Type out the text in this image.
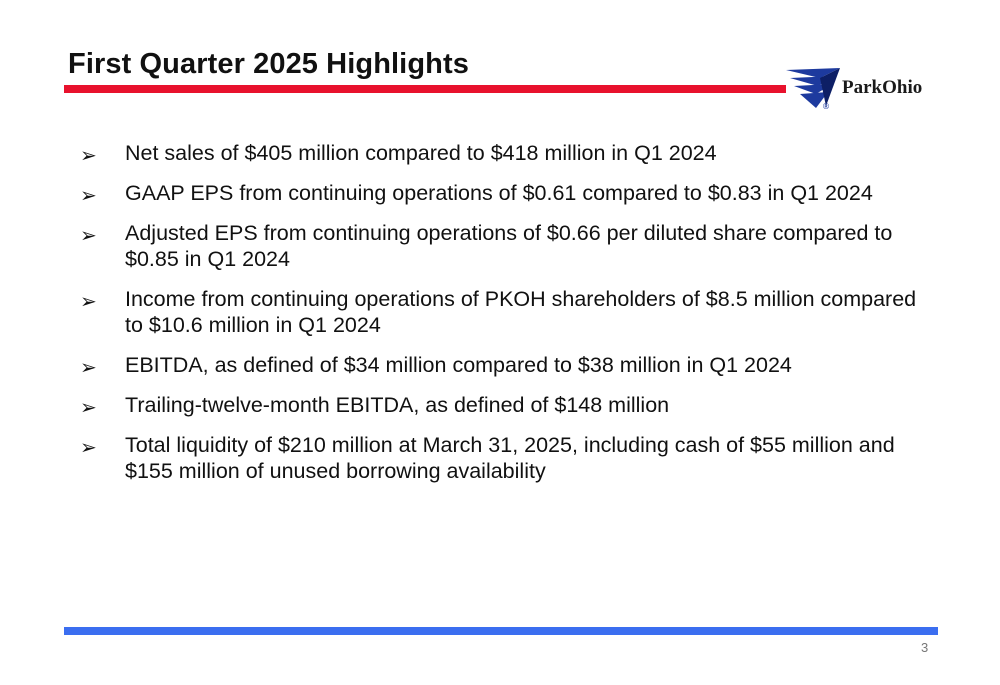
First Quarter 2025 Highlights
®
ParkOhio
➢ Net sales of $405 million compared to $418 million in Q1 2024
➢ GAAP EPS from continuing operations of $0.61 compared to $0.83 in Q1 2024
➢ Adjusted EPS from continuing operations of $0.66 per diluted share compared to $0.85 in Q1 2024
➢ Income from continuing operations of PKOH shareholders of $8.5 million compared to $10.6 million in Q1 2024
➢ EBITDA, as defined of $34 million compared to $38 million in Q1 2024
➢ Trailing-twelve-month EBITDA, as defined of $148 million
➢ Total liquidity of $210 million at March 31, 2025, including cash of $55 million and $155 million of unused borrowing availability
3
